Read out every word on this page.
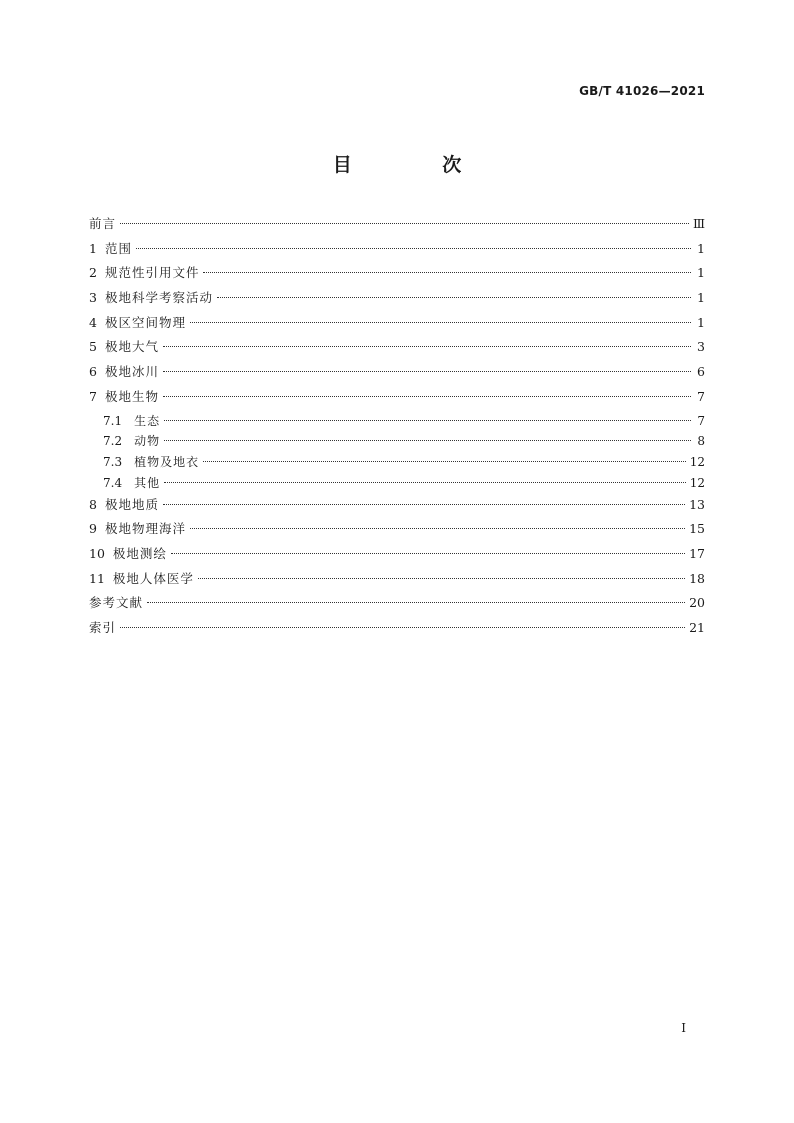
GB/T 41026—2021
目 次
前言	Ⅲ
1 范围	1
2 规范性引用文件	1
3 极地科学考察活动	1
4 极区空间物理	1
5 极地大气	3
6 极地冰川	6
7 极地生物	7
7.1 生态	7
7.2 动物	8
7.3 植物及地衣	12
7.4 其他	12
8 极地地质	13
9 极地物理海洋	15
10 极地测绘	17
11 极地人体医学	18
参考文献	20
索引	21
I
